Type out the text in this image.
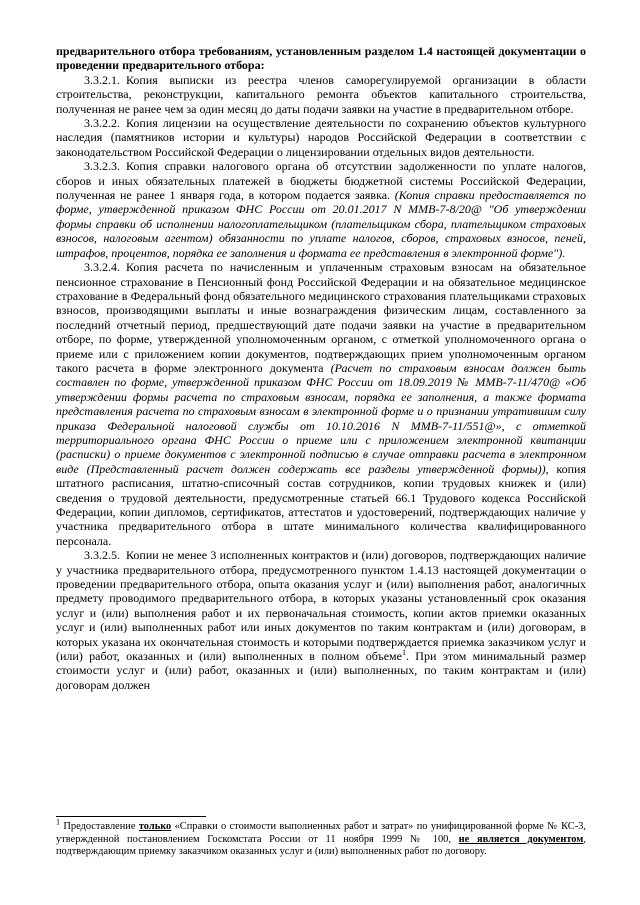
предварительного отбора требованиям, установленным разделом 1.4 настоящей документации о проведении предварительного отбора:

3.3.2.1. Копия выписки из реестра членов саморегулируемой организации в области строительства, реконструкции, капитального ремонта объектов капитального строительства, полученная не ранее чем за один месяц до даты подачи заявки на участие в предварительном отборе.

3.3.2.2. Копия лицензии на осуществление деятельности по сохранению объектов культурного наследия (памятников истории и культуры) народов Российской Федерации в соответствии с законодательством Российской Федерации о лицензировании отдельных видов деятельности.

3.3.2.3. Копия справки налогового органа об отсутствии задолженности по уплате налогов, сборов и иных обязательных платежей в бюджеты бюджетной системы Российской Федерации, полученная не ранее 1 января года, в котором подается заявка. (Копия справки предоставляется по форме, утвержденной приказом ФНС России от 20.01.2017 N ММВ-7-8/20@ "Об утверждении формы справки об исполнении налогоплательщиком (плательщиком сбора, плательщиком страховых взносов, налоговым агентом) обязанности по уплате налогов, сборов, страховых взносов, пеней, штрафов, процентов, порядка ее заполнения и формата ее представления в электронной форме").

3.3.2.4. Копия расчета по начисленным и уплаченным страховым взносам на обязательное пенсионное страхование в Пенсионный фонд Российской Федерации и на обязательное медицинское страхование в Федеральный фонд обязательного медицинского страхования плательщиками страховых взносов, производящими выплаты и иные вознаграждения физическим лицам, составленного за последний отчетный период, предшествующий дате подачи заявки на участие в предварительном отборе, по форме, утвержденной уполномоченным органом, с отметкой уполномоченного органа о приеме или с приложением копии документов, подтверждающих прием уполномоченным органом такого расчета в форме электронного документа (Расчет по страховым взносам должен быть составлен по форме, утвержденной приказом ФНС России от 18.09.2019 № ММВ-7-11/470@ «Об утверждении формы расчета по страховым взносам, порядка ее заполнения, а также формата представления расчета по страховым взносам в электронной форме и о признании утратившим силу приказа Федеральной налоговой службы от 10.10.2016 N ММВ-7-11/551@», с отметкой территориального органа ФНС России о приеме или с приложением электронной квитанции (расписки) о приеме документов с электронной подписью в случае отправки расчета в электронном виде (Представленный расчет должен содержать все разделы утвержденной формы)), копия штатного расписания, штатно-списочный состав сотрудников, копии трудовых книжек и (или) сведения о трудовой деятельности, предусмотренные статьей 66.1 Трудового кодекса Российской Федерации, копии дипломов, сертификатов, аттестатов и удостоверений, подтверждающих наличие у участника предварительного отбора в штате минимального количества квалифицированного персонала.

3.3.2.5. Копии не менее 3 исполненных контрактов и (или) договоров, подтверждающих наличие у участника предварительного отбора, предусмотренного пунктом 1.4.13 настоящей документации о проведении предварительного отбора, опыта оказания услуг и (или) выполнения работ, аналогичных предмету проводимого предварительного отбора, в которых указаны установленный срок оказания услуг и (или) выполнения работ и их первоначальная стоимость, копии актов приемки оказанных услуг и (или) выполненных работ или иных документов по таким контрактам и (или) договорам, в которых указана их окончательная стоимость и которыми подтверждается приемка заказчиком услуг и (или) работ, оказанных и (или) выполненных в полном объеме$^1$. При этом минимальный размер стоимости услуг и (или) работ, оказанных и (или) выполненных, по таким контрактам и (или) договорам должен

$^1$ Предоставление только «Справки о стоимости выполненных работ и затрат» по унифицированной форме № КС-3, утвержденной постановлением Госкомстата России от 11 ноября 1999 № 100, не является документом, подтверждающим приемку заказчиком оказанных услуг и (или) выполненных работ по договору.
